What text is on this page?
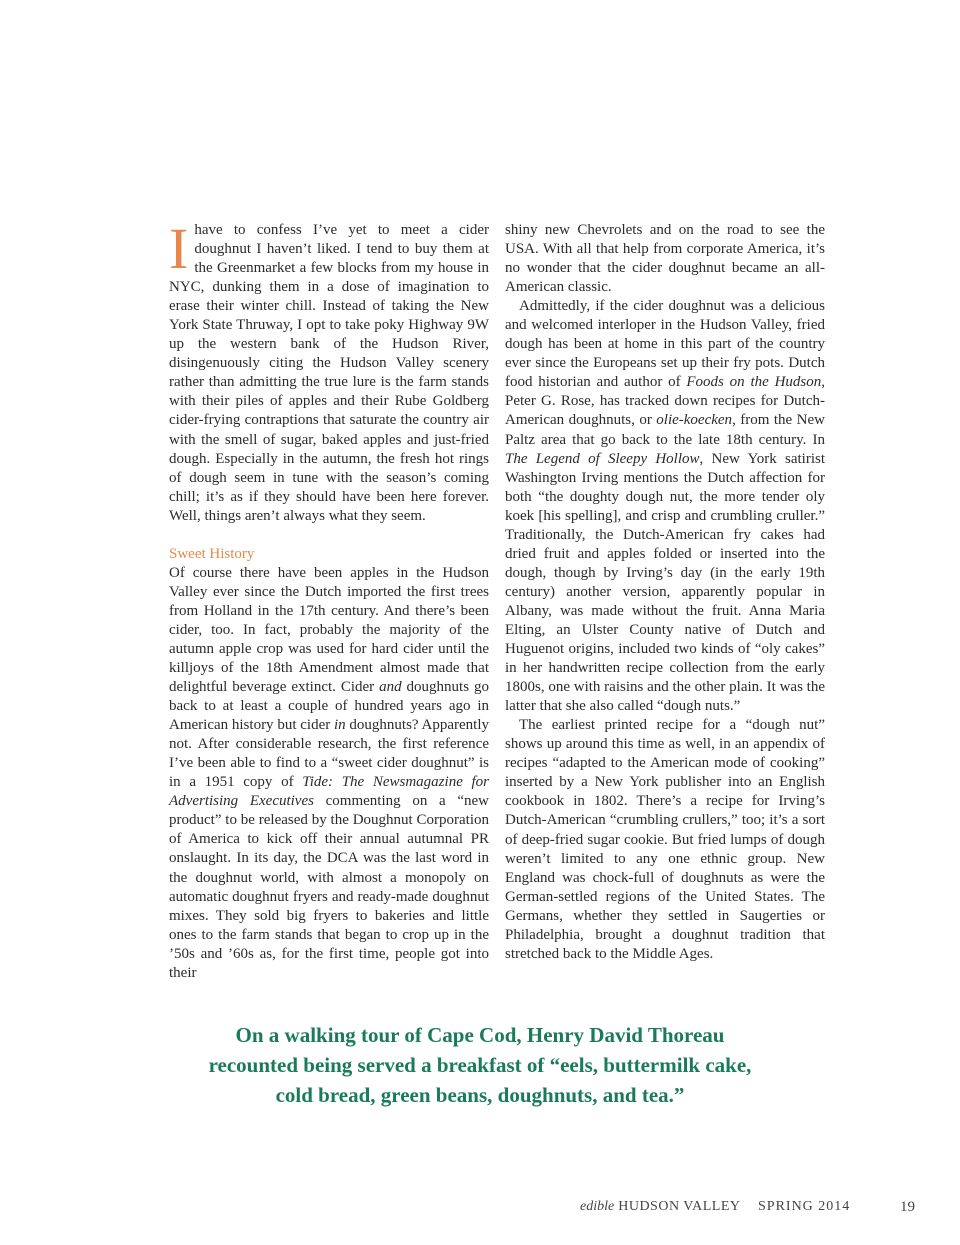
Ihave to confess I’ve yet to meet a cider doughnut I haven’t liked. I tend to buy them at the Greenmarket a few blocks from my house in NYC, dunking them in a dose of imagination to erase their winter chill. Instead of taking the New York State Thruway, I opt to take poky Highway 9W up the western bank of the Hudson River, disingenuously citing the Hudson Valley scenery rather than admitting the true lure is the farm stands with their piles of apples and their Rube Goldberg cider-frying contraptions that saturate the country air with the smell of sugar, baked apples and just-fried dough. Especially in the autumn, the fresh hot rings of dough seem in tune with the season’s coming chill; it’s as if they should have been here forever. Well, things aren’t always what they seem.

Sweet History

Of course there have been apples in the Hudson Valley ever since the Dutch imported the first trees from Holland in the 17th century. And there’s been cider, too. In fact, probably the majority of the autumn apple crop was used for hard cider until the killjoys of the 18th Amendment almost made that delightful beverage extinct. Cider and doughnuts go back to at least a couple of hundred years ago in American history but cider in doughnuts? Apparently not. After considerable research, the first reference I’ve been able to find to a “sweet cider doughnut” is in a 1951 copy of Tide: The Newsmagazine for Advertising Executives commenting on a “new product” to be released by the Doughnut Corporation of America to kick off their annual autumnal PR onslaught. In its day, the DCA was the last word in the doughnut world, with almost a monopoly on automatic doughnut fryers and ready-made doughnut mixes. They sold big fryers to bakeries and little ones to the farm stands that began to crop up in the ’50s and ’60s as, for the first time, people got into their

shiny new Chevrolets and on the road to see the USA. With all that help from corporate America, it’s no wonder that the cider doughnut became an all-American classic.

Admittedly, if the cider doughnut was a delicious and welcomed interloper in the Hudson Valley, fried dough has been at home in this part of the country ever since the Europeans set up their fry pots. Dutch food historian and author of Foods on the Hudson, Peter G. Rose, has tracked down recipes for Dutch-American doughnuts, or olie-koecken, from the New Paltz area that go back to the late 18th century. In The Legend of Sleepy Hollow, New York satirist Washington Irving mentions the Dutch affection for both “the doughty dough nut, the more tender oly koek [his spelling], and crisp and crumbling cruller.” Traditionally, the Dutch-American fry cakes had dried fruit and apples folded or inserted into the dough, though by Irving’s day (in the early 19th century) another version, apparently popular in Albany, was made without the fruit. Anna Maria Elting, an Ulster County native of Dutch and Huguenot origins, included two kinds of “oly cakes” in her handwritten recipe collection from the early 1800s, one with raisins and the other plain. It was the latter that she also called “dough nuts.”

The earliest printed recipe for a “dough nut” shows up around this time as well, in an appendix of recipes “adapted to the American mode of cooking” inserted by a New York publisher into an English cookbook in 1802. There’s a recipe for Irving’s Dutch-American “crumbling crullers,” too; it’s a sort of deep-fried sugar cookie. But fried lumps of dough weren’t limited to any one ethnic group. New England was chock-full of doughnuts as were the German-settled regions of the United States. The Germans, whether they settled in Saugerties or Philadelphia, brought a doughnut tradition that stretched back to the Middle Ages.

On a walking tour of Cape Cod, Henry David Thoreau
recounted being served a breakfast of “eels, buttermilk cake,
cold bread, green beans, doughnuts, and tea.”
edible HUDSON VALLEY SPRING 2014	19
